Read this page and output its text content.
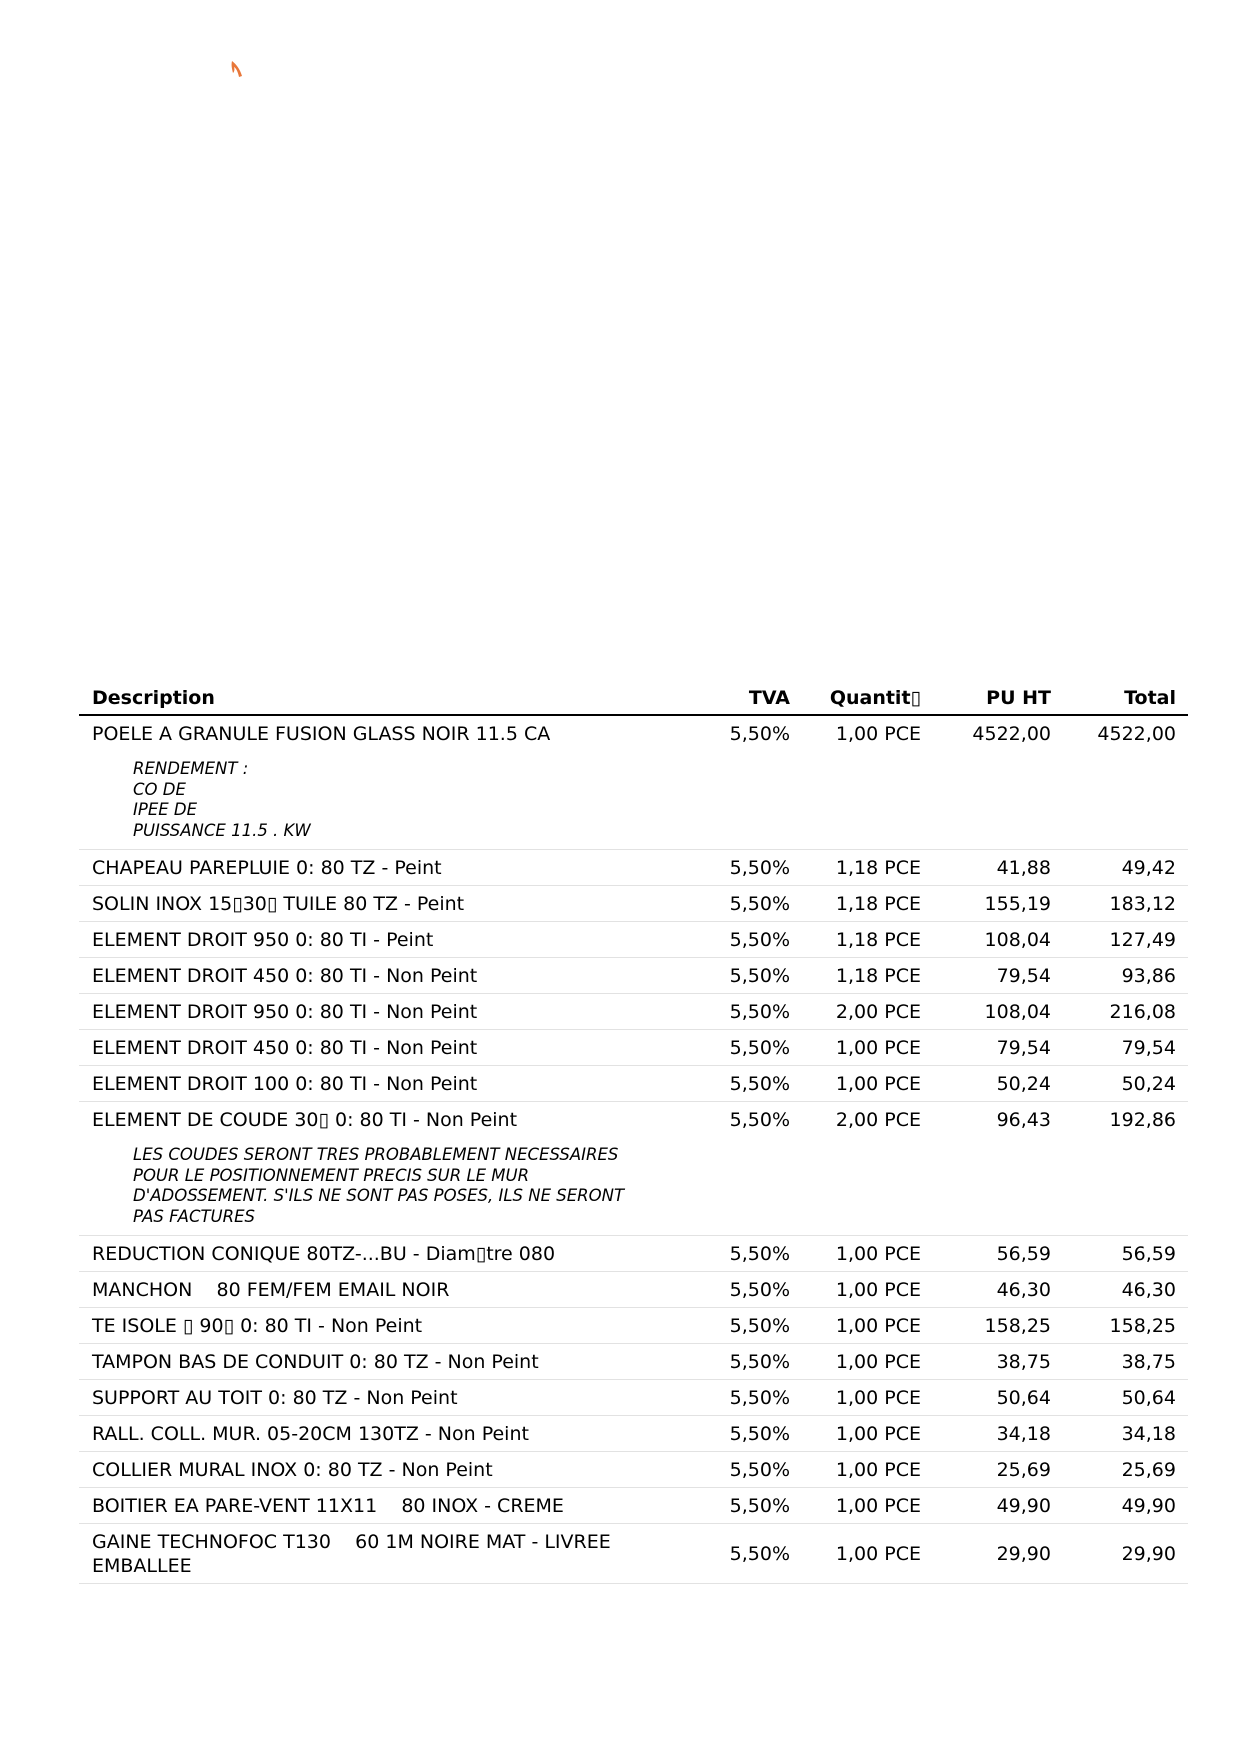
Description	TVA	Quantit▯	PU HT	Total
POELE A GRANULE FUSION GLASS NOIR 11.5 CA
RENDEMENT :
CO DE
IPEE DE
PUISSANCE 11.5 . KW
5,50%	1,00 PCE	4522,00	4522,00
CHAPEAU PAREPLUIE 0: 80 TZ - Peint	5,50%	1,18 PCE	41,88	49,42
SOLIN INOX 15▯30▯ TUILE 80 TZ - Peint	5,50%	1,18 PCE	155,19	183,12
ELEMENT DROIT 950 0: 80 TI - Peint	5,50%	1,18 PCE	108,04	127,49
ELEMENT DROIT 450 0: 80 TI - Non Peint	5,50%	1,18 PCE	79,54	93,86
ELEMENT DROIT 950 0: 80 TI - Non Peint	5,50%	2,00 PCE	108,04	216,08
ELEMENT DROIT 450 0: 80 TI - Non Peint	5,50%	1,00 PCE	79,54	79,54
ELEMENT DROIT 100 0: 80 TI - Non Peint	5,50%	1,00 PCE	50,24	50,24
ELEMENT DE COUDE 30▯ 0: 80 TI - Non Peint
LES COUDES SERONT TRES PROBABLEMENT NECESSAIRES
POUR LE POSITIONNEMENT PRECIS SUR LE MUR
D'ADOSSEMENT. S'ILS NE SONT PAS POSES, ILS NE SERONT
PAS FACTURES
5,50%	2,00 PCE	96,43	192,86
REDUCTION CONIQUE 80TZ-...BU - Diam▯tre 080	5,50%	1,00 PCE	56,59	56,59
MANCHON    80 FEM/FEM EMAIL NOIR	5,50%	1,00 PCE	46,30	46,30
TE ISOLE ▯ 90▯ 0: 80 TI - Non Peint	5,50%	1,00 PCE	158,25	158,25
TAMPON BAS DE CONDUIT 0: 80 TZ - Non Peint	5,50%	1,00 PCE	38,75	38,75
SUPPORT AU TOIT 0: 80 TZ - Non Peint	5,50%	1,00 PCE	50,64	50,64
RALL. COLL. MUR. 05-20CM 130TZ - Non Peint	5,50%	1,00 PCE	34,18	34,18
COLLIER MURAL INOX 0: 80 TZ - Non Peint	5,50%	1,00 PCE	25,69	25,69
BOITIER EA PARE-VENT 11X11    80 INOX - CREME	5,50%	1,00 PCE	49,90	49,90
GAINE TECHNOFOC T130    60 1M NOIRE MAT - LIVREE
EMBALLEE
5,50%	1,00 PCE	29,90	29,90
